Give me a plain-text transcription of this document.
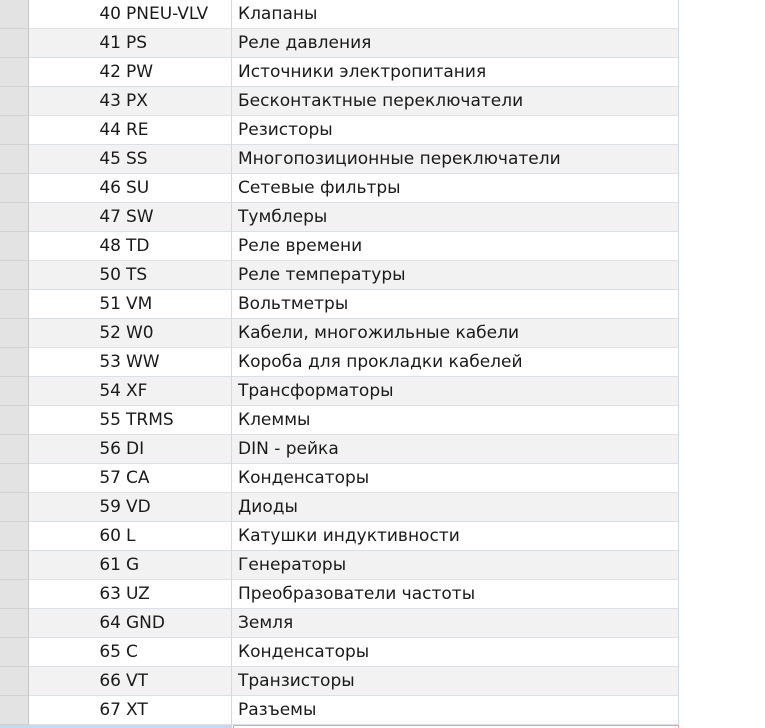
40 PNEU-VLV	Клапаны
41 PS	Реле давления
42 PW	Источники электропитания
43 PX	Бесконтактные переключатели
44 RE	Резисторы
45 SS	Многопозиционные переключатели
46 SU	Сетевые фильтры
47 SW	Тумблеры
48 TD	Реле времени
50 TS	Реле температуры
51 VM	Вольтметры
52 W0	Кабели, многожильные кабели
53 WW	Короба для прокладки кабелей
54 XF	Трансформаторы
55 TRMS	Клеммы
56 DI	DIN - рейка
57 CA	Конденсаторы
59 VD	Диоды
60 L	Катушки индуктивности
61 G	Генераторы
63 UZ	Преобразователи частоты
64 GND	Земля
65 C	Конденсаторы
66 VT	Транзисторы
67 XT	Разъемы
